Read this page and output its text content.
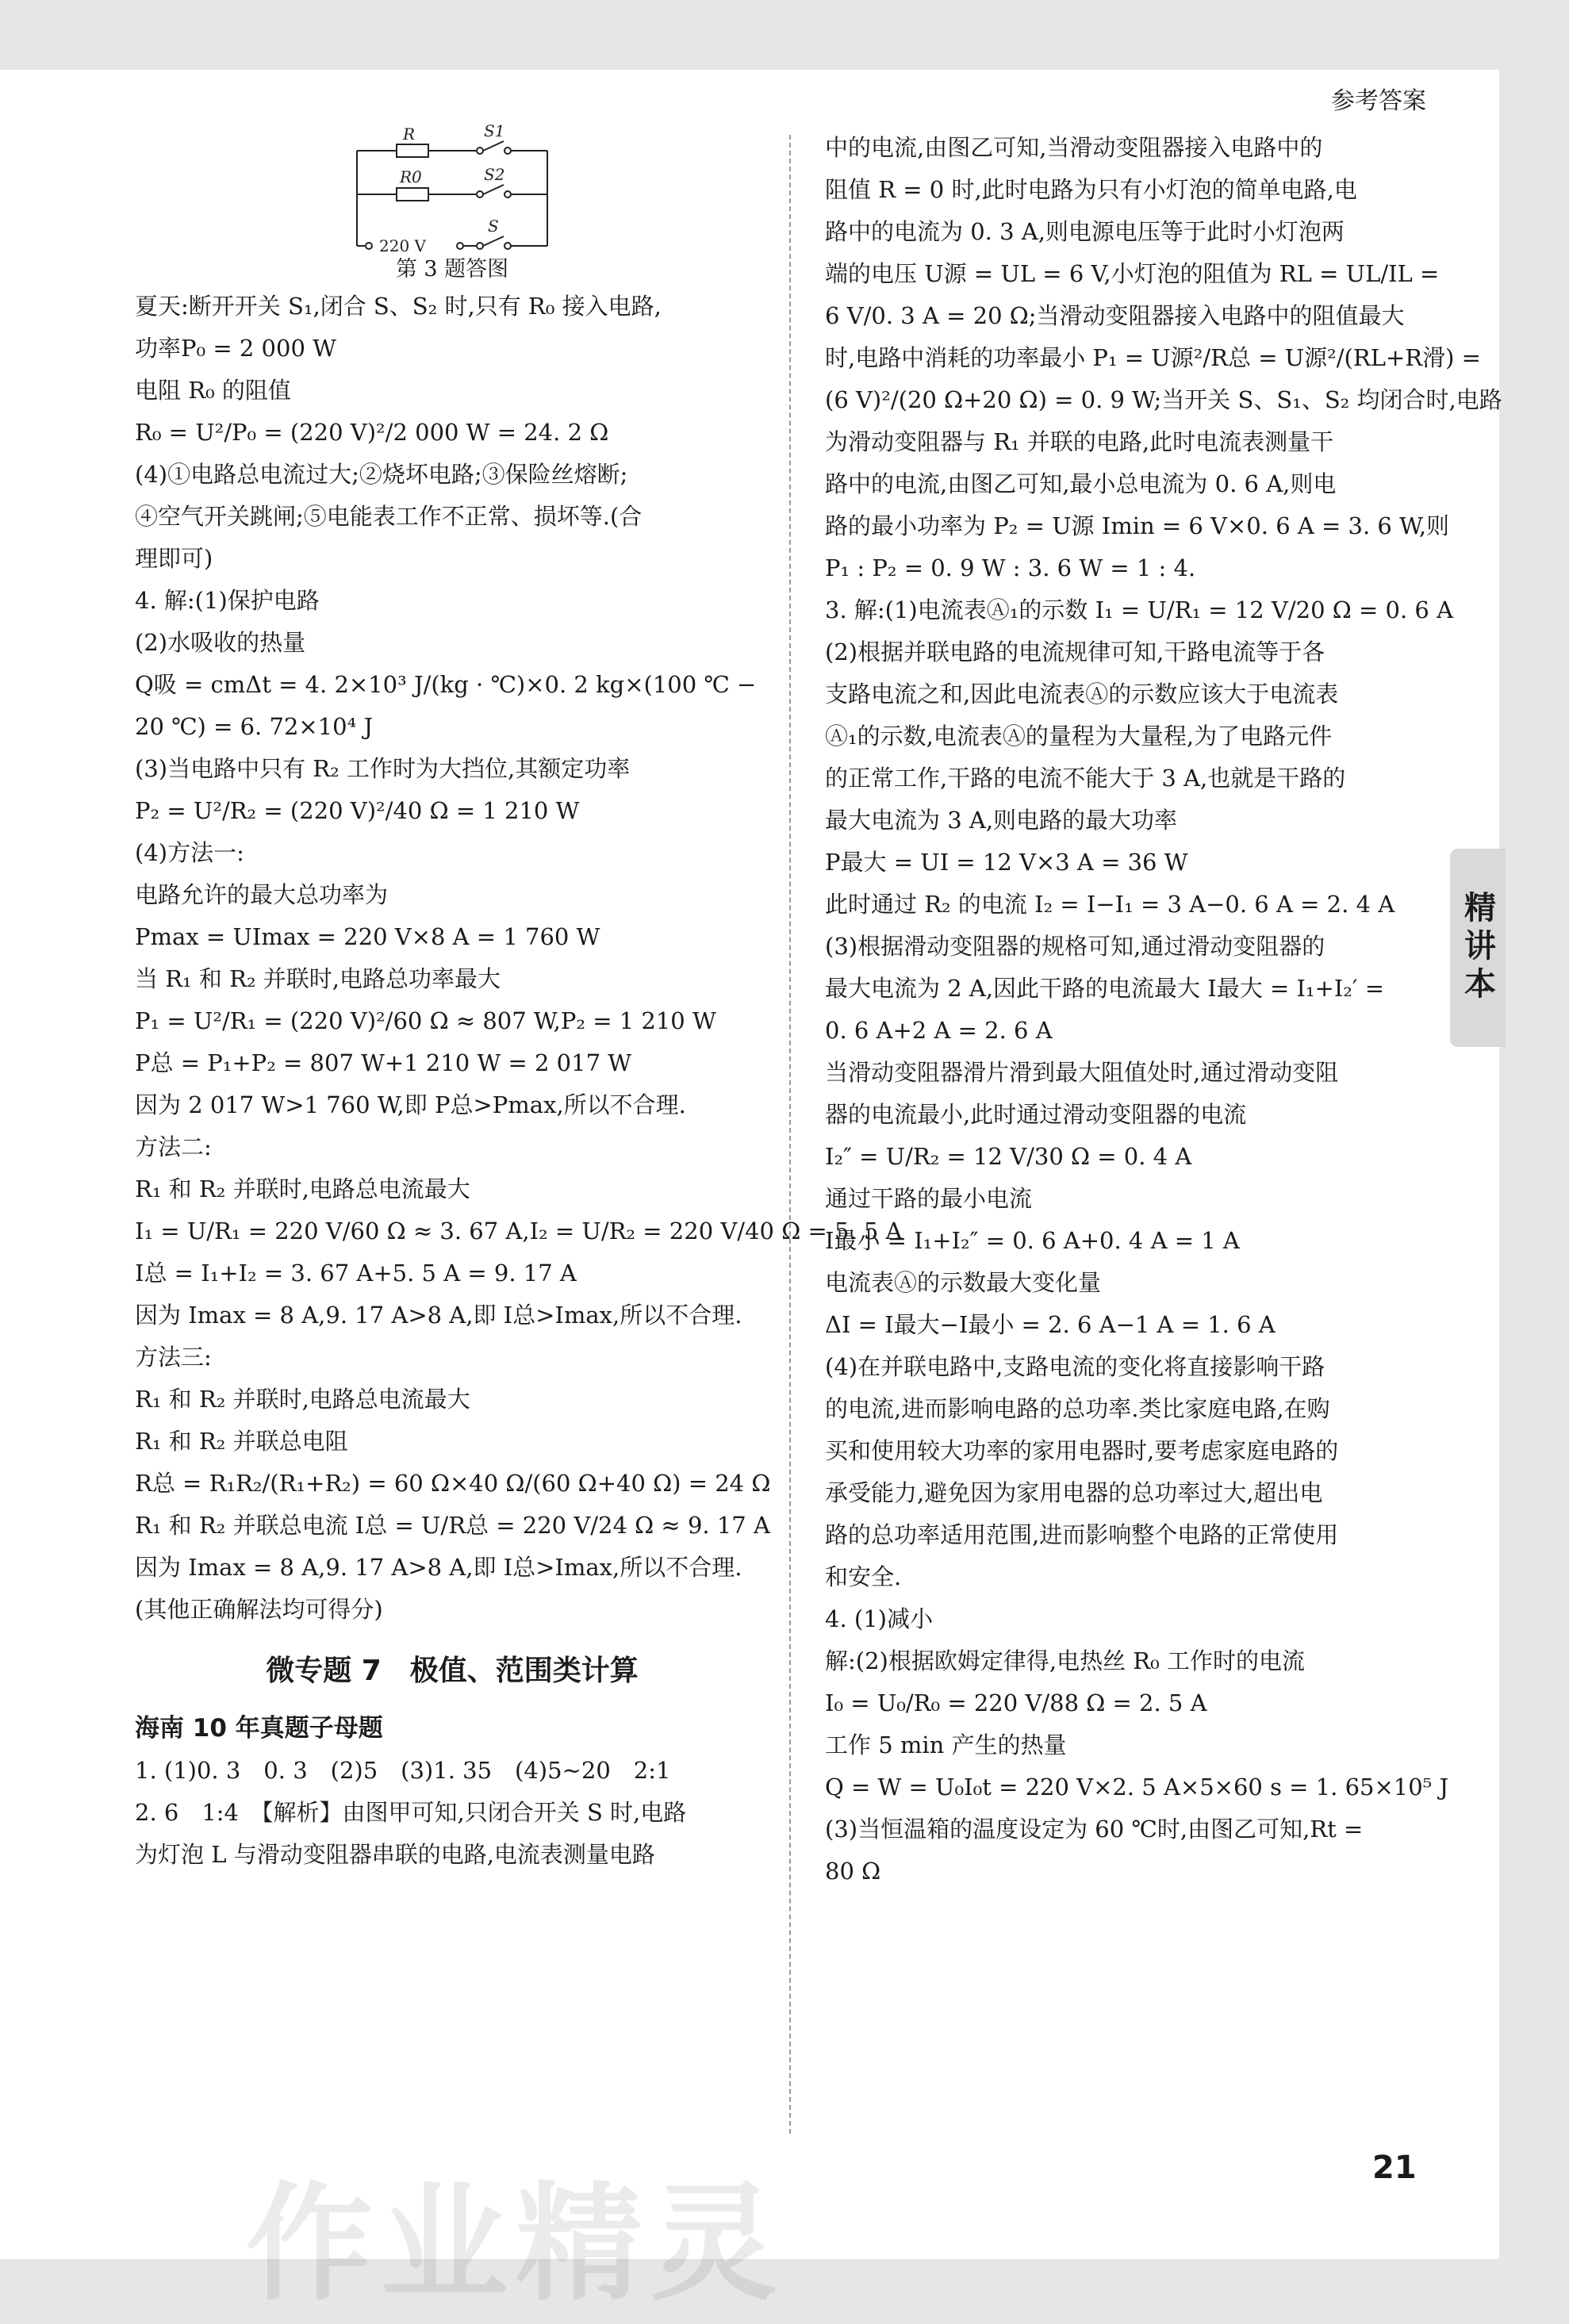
参考答案
R
R0
S1
S2
S
220 V
第 3 题答图
夏天:断开开关 S₁,闭合 S、S₂ 时,只有 R₀ 接入电路,
功率P₀ = 2 000 W
电阻 R₀ 的阻值
R₀ = U²/P₀ = (220 V)²/2 000 W = 24. 2 Ω
(4)①电路总电流过大;②烧坏电路;③保险丝熔断;
④空气开关跳闸;⑤电能表工作不正常、损坏等.(合
理即可)
4. 解:(1)保护电路
(2)水吸收的热量
Q吸 = cmΔt = 4. 2×10³ J/(kg · ℃)×0. 2 kg×(100 ℃ −
20 ℃) = 6. 72×10⁴ J
(3)当电路中只有 R₂ 工作时为大挡位,其额定功率
P₂ = U²/R₂ = (220 V)²/40 Ω = 1 210 W
(4)方法一:
电路允许的最大总功率为
Pmax = UImax = 220 V×8 A = 1 760 W
当 R₁ 和 R₂ 并联时,电路总功率最大
P₁ = U²/R₁ = (220 V)²/60 Ω ≈ 807 W,P₂ = 1 210 W
P总 = P₁+P₂ = 807 W+1 210 W = 2 017 W
因为 2 017 W>1 760 W,即 P总>Pmax,所以不合理.
方法二:
R₁ 和 R₂ 并联时,电路总电流最大
I₁ = U/R₁ = 220 V/60 Ω ≈ 3. 67 A,I₂ = U/R₂ = 220 V/40 Ω = 5. 5 A
I总 = I₁+I₂ = 3. 67 A+5. 5 A = 9. 17 A
因为 Imax = 8 A,9. 17 A>8 A,即 I总>Imax,所以不合理.
方法三:
R₁ 和 R₂ 并联时,电路总电流最大
R₁ 和 R₂ 并联总电阻
R总 = R₁R₂/(R₁+R₂) = 60 Ω×40 Ω/(60 Ω+40 Ω) = 24 Ω
R₁ 和 R₂ 并联总电流 I总 = U/R总 = 220 V/24 Ω ≈ 9. 17 A
因为 Imax = 8 A,9. 17 A>8 A,即 I总>Imax,所以不合理.
(其他正确解法均可得分)
微专题 7　极值、范围类计算
海南 10 年真题子母题
1. (1)0. 3　0. 3　(2)5　(3)1. 35　(4)5~20　2:1
2. 6　1:4　【解析】由图甲可知,只闭合开关 S 时,电路
为灯泡 L 与滑动变阻器串联的电路,电流表测量电路
中的电流,由图乙可知,当滑动变阻器接入电路中的
阻值 R = 0 时,此时电路为只有小灯泡的简单电路,电
路中的电流为 0. 3 A,则电源电压等于此时小灯泡两
端的电压 U源 = UL = 6 V,小灯泡的阻值为 RL = UL/IL =
6 V/0. 3 A = 20 Ω;当滑动变阻器接入电路中的阻值最大
时,电路中消耗的功率最小 P₁ = U源²/R总 = U源²/(RL+R滑) =
(6 V)²/(20 Ω+20 Ω) = 0. 9 W;当开关 S、S₁、S₂ 均闭合时,电路
为滑动变阻器与 R₁ 并联的电路,此时电流表测量干
路中的电流,由图乙可知,最小总电流为 0. 6 A,则电
路的最小功率为 P₂ = U源 Imin = 6 V×0. 6 A = 3. 6 W,则
P₁ : P₂ = 0. 9 W : 3. 6 W = 1 : 4.
3. 解:(1)电流表Ⓐ₁的示数 I₁ = U/R₁ = 12 V/20 Ω = 0. 6 A
(2)根据并联电路的电流规律可知,干路电流等于各
支路电流之和,因此电流表Ⓐ的示数应该大于电流表
Ⓐ₁的示数,电流表Ⓐ的量程为大量程,为了电路元件
的正常工作,干路的电流不能大于 3 A,也就是干路的
最大电流为 3 A,则电路的最大功率
P最大 = UI = 12 V×3 A = 36 W
此时通过 R₂ 的电流 I₂ = I−I₁ = 3 A−0. 6 A = 2. 4 A
(3)根据滑动变阻器的规格可知,通过滑动变阻器的
最大电流为 2 A,因此干路的电流最大 I最大 = I₁+I₂′ =
0. 6 A+2 A = 2. 6 A
当滑动变阻器滑片滑到最大阻值处时,通过滑动变阻
器的电流最小,此时通过滑动变阻器的电流
I₂″ = U/R₂ = 12 V/30 Ω = 0. 4 A
通过干路的最小电流
I最小 = I₁+I₂″ = 0. 6 A+0. 4 A = 1 A
电流表Ⓐ的示数最大变化量
ΔI = I最大−I最小 = 2. 6 A−1 A = 1. 6 A
(4)在并联电路中,支路电流的变化将直接影响干路
的电流,进而影响电路的总功率.类比家庭电路,在购
买和使用较大功率的家用电器时,要考虑家庭电路的
承受能力,避免因为家用电器的总功率过大,超出电
路的总功率适用范围,进而影响整个电路的正常使用
和安全.
4. (1)减小
解:(2)根据欧姆定律得,电热丝 R₀ 工作时的电流
I₀ = U₀/R₀ = 220 V/88 Ω = 2. 5 A
工作 5 min 产生的热量
Q = W = U₀I₀t = 220 V×2. 5 A×5×60 s = 1. 65×10⁵ J
(3)当恒温箱的温度设定为 60 ℃时,由图乙可知,Rt =
80 Ω
精讲本
21
作业精灵
